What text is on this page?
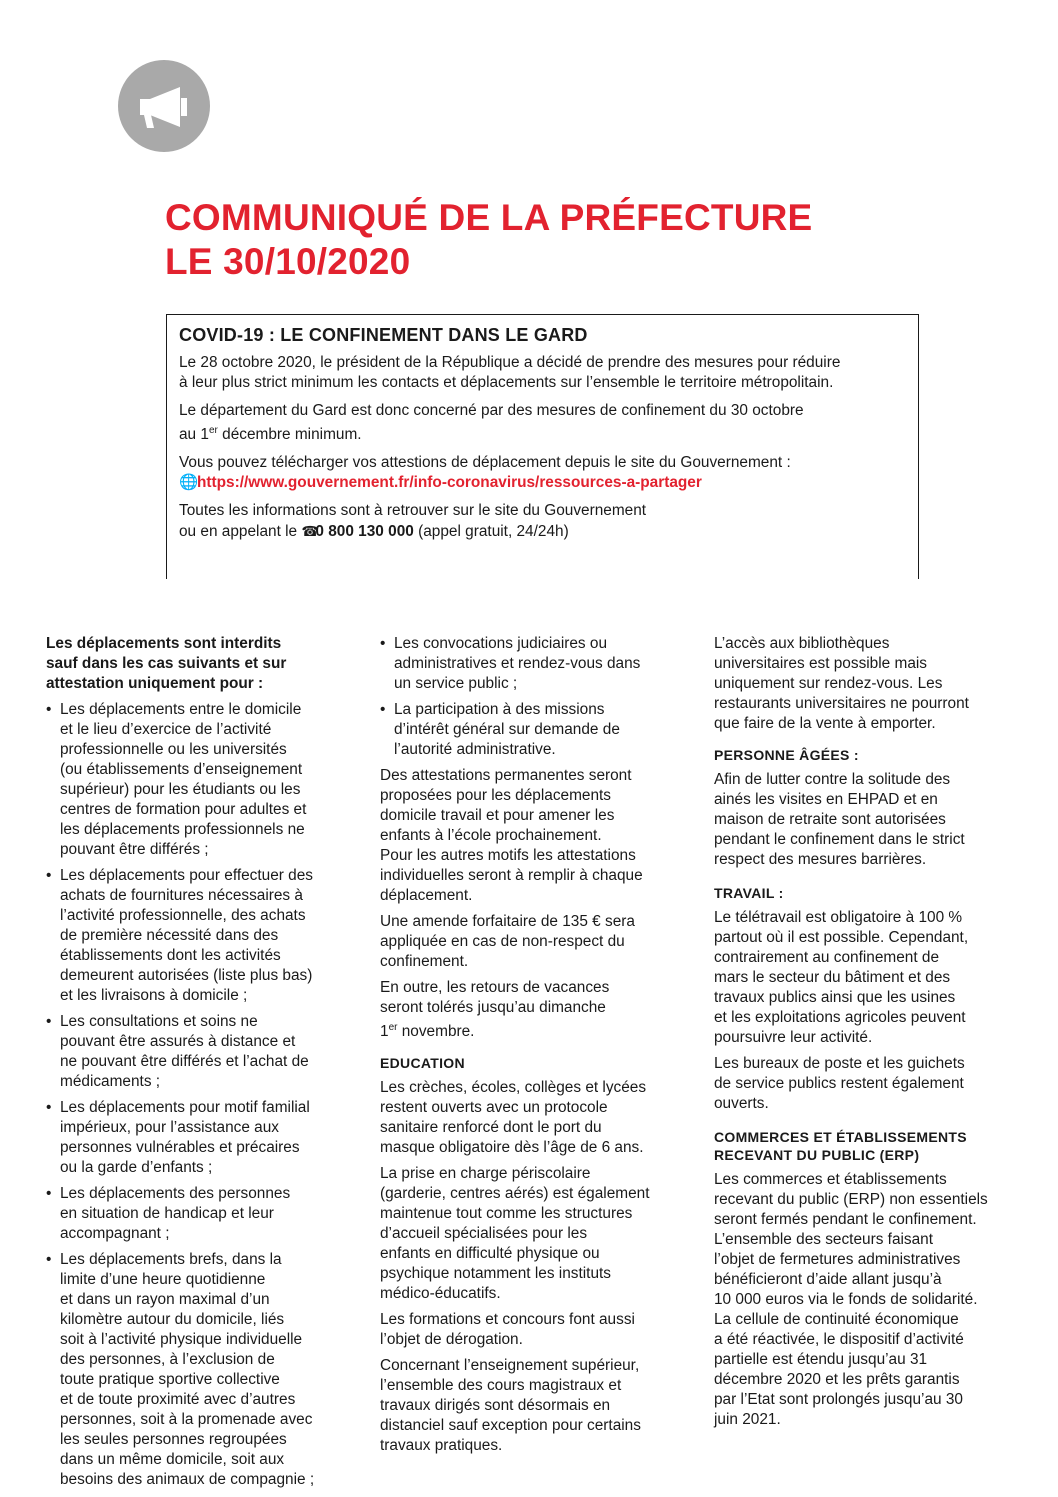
COMMUNIQUÉ DE LA PRÉFECTURE
LE 30/10/2020
COVID-19 : LE CONFINEMENT DANS LE GARD

Le 28 octobre 2020, le président de la République a décidé de prendre des mesures pour réduire
à leur plus strict minimum les contacts et déplacements sur l’ensemble le territoire métropolitain.

Le département du Gard est donc concerné par des mesures de confinement du 30 octobre
au 1er décembre minimum.

Vous pouvez télécharger vos attestions de déplacement depuis le site du Gouvernement :
🌐https://www.gouvernement.fr/info-coronavirus/ressources-a-partager

Toutes les informations sont à retrouver sur le site du Gouvernement
ou en appelant le ☎0 800 130 000 (appel gratuit, 24/24h)

Les déplacements sont interdits
sauf dans les cas suivants et sur
attestation uniquement pour :

• Les déplacements entre le domicile
et le lieu d’exercice de l’activité
professionnelle ou les universités
(ou établissements d’enseignement
supérieur) pour les étudiants ou les
centres de formation pour adultes et
les déplacements professionnels ne
pouvant être différés ;
• Les déplacements pour effectuer des
achats de fournitures nécessaires à
l’activité professionnelle, des achats
de première nécessité dans des
établissements dont les activités
demeurent autorisées (liste plus bas)
et les livraisons à domicile ;
• Les consultations et soins ne
pouvant être assurés à distance et
ne pouvant être différés et l’achat de
médicaments ;
• Les déplacements pour motif familial
impérieux, pour l’assistance aux
personnes vulnérables et précaires
ou la garde d’enfants ;
• Les déplacements des personnes
en situation de handicap et leur
accompagnant ;
• Les déplacements brefs, dans la
limite d’une heure quotidienne
et dans un rayon maximal d’un
kilomètre autour du domicile, liés
soit à l’activité physique individuelle
des personnes, à l’exclusion de
toute pratique sportive collective
et de toute proximité avec d’autres
personnes, soit à la promenade avec
les seules personnes regroupées
dans un même domicile, soit aux
besoins des animaux de compagnie ;
• Les convocations judiciaires ou
administratives et rendez-vous dans
un service public ;
• La participation à des missions
d’intérêt général sur demande de
l’autorité administrative.

Des attestations permanentes seront
proposées pour les déplacements
domicile travail et pour amener les
enfants à l’école prochainement.
Pour les autres motifs les attestations
individuelles seront à remplir à chaque
déplacement.

Une amende forfaitaire de 135 € sera
appliquée en cas de non-respect du
confinement.

En outre, les retours de vacances
seront tolérés jusqu’au dimanche
1er novembre.

EDUCATION

Les crèches, écoles, collèges et lycées
restent ouverts avec un protocole
sanitaire renforcé dont le port du
masque obligatoire dès l’âge de 6 ans.

La prise en charge périscolaire
(garderie, centres aérés) est également
maintenue tout comme les structures
d’accueil spécialisées pour les
enfants en difficulté physique ou
psychique notamment les instituts
médico-éducatifs.

Les formations et concours font aussi
l’objet de dérogation.

Concernant l’enseignement supérieur,
l’ensemble des cours magistraux et
travaux dirigés sont désormais en
distanciel sauf exception pour certains
travaux pratiques.

L’accès aux bibliothèques
universitaires est possible mais
uniquement sur rendez-vous. Les
restaurants universitaires ne pourront
que faire de la vente à emporter.

PERSONNE ÂGÉES :

Afin de lutter contre la solitude des
ainés les visites en EHPAD et en
maison de retraite sont autorisées
pendant le confinement dans le strict
respect des mesures barrières.

TRAVAIL :

Le télétravail est obligatoire à 100 %
partout où il est possible. Cependant,
contrairement au confinement de
mars le secteur du bâtiment et des
travaux publics ainsi que les usines
et les exploitations agricoles peuvent
poursuivre leur activité.

Les bureaux de poste et les guichets
de service publics restent également
ouverts.

COMMERCES ET ÉTABLISSEMENTS
RECEVANT DU PUBLIC (ERP)

Les commerces et établissements
recevant du public (ERP) non essentiels
seront fermés pendant le confinement.
L’ensemble des secteurs faisant
l’objet de fermetures administratives
bénéficieront d’aide allant jusqu’à
10 000 euros via le fonds de solidarité.
La cellule de continuité économique
a été réactivée, le dispositif d’activité
partielle est étendu jusqu’au 31
décembre 2020 et les prêts garantis
par l’Etat sont prolongés jusqu’au 30
juin 2021.
